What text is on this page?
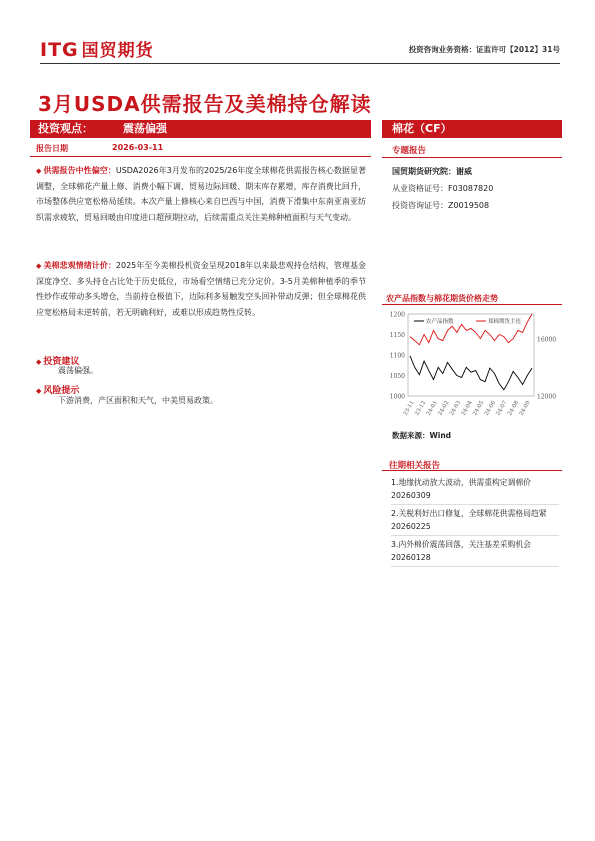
ITG 国贸期货	投资咨询业务资格：证监许可【2012】31号
3月USDA供需报告及美棉持仓解读
投资观点：	震荡偏强	棉花（CF）
报告日期	2026-03-11
◆ 供需报告中性偏空：USDA2026年3月发布的2025/26年度全球棉花供需报告核心数据显著调整，全球棉花产量上修、消费小幅下调、贸易边际回暖、期末库存累增，库存消费比回升，市场整体供应宽松格局延续。本次产量上修核心来自巴西与中国，消费下滑集中东南亚南亚纺织需求疲软，贸易回暖由印度进口超预期拉动，后续需重点关注美棉种植面积与天气变动。
◆ 美棉悲观情绪计价：2025年至今美棉投机资金呈现2018年以来最悲观持仓结构，管理基金深度净空、多头持仓占比处于历史低位，市场看空情绪已充分定价。3-5月美棉种植季的季节性炒作或带动多头增仓，当前持仓极值下，边际利多易触发空头回补带动反弹；但全球棉花供应宽松格局未逆转前，若无明确利好，或难以形成趋势性反转。
◆ 投资建议
震荡偏强。
◆ 风险提示
下游消费，产区面积和天气，中美贸易政策。
专题报告
国贸期货研究院：谢威
从业资格证号：F03087820
投资咨询证号：Z0019508
农产品指数与棉花期货价格走势
1200
1150
1100
1050
1000
16000
12000
23-11
23-12
24-01
24-02
24-03
24-04
24-05
24-06
24-07
24-08
24-09
农产品指数	郑棉期货主连
数据来源：Wind
往期相关报告
1.地缘扰动放大波动，供需重构定调棉价 20260309
2.关税利好出口修复，全球棉花供需格局趋紧 20260225
3.内外棉价震荡回落，关注基差采购机会 20260128
